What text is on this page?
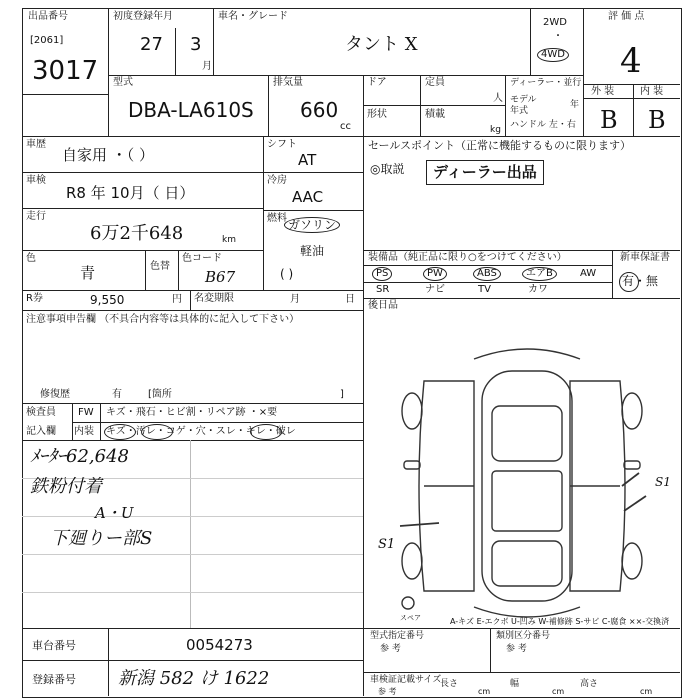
出品番号
[2061]
3017
初度登録年月
27 3
月
車名・グレード
タント X
2WD
・
4WD
評 価 点
4
型式
DBA-LA610S
排気量
660
cc
ドア	定員
人
形状	積載
kg
ディーラー・並行
モデル
年式
年
ハンドル 左・右
外 装	内 装
B B
車歴
自家用 ・（ ）
車検
R8 年 10月（ 日）
走行
6万2千648	km
色
青	色替
色コード
B67
R券	9,550	円 名変期限	月	日
シフト
AT
冷房
AAC
燃料 ガソリン
軽油
( )
セールスポイント（正常に機能するものに限ります）
◎取説	ディーラー出品
装備品（純正品に限り○をつけてください）
PS	PW	ABS	エアB	AW
SR	ナビ	TV	カワ
新車保証書
有・無
後日品
注意事項申告欄 （不具合内容等は具体的に記入して下さい）
修復歴	有	[箇所	]
検査員 FW キズ・飛石・ヒビ割・リペア跡 ・×要
記入欄 内装 キズ・汚レ・コゲ・穴・スレ・キレ・破レ
ﾒｰﾀｰ62,648
鉄粉付着
A・U
下廻りー部S
S1
S1
スペア	A-キズ E-エクボ U-凹み W-補修跡 S-サビ C-腐食 ××-交換済
車台番号	0054273
登録番号 新潟 582 け 1622
型式指定番号
参 考
類別区分番号
参 考
車検証記載サイズ
参 考
長さ
cm
幅
cm
高さ
cm
